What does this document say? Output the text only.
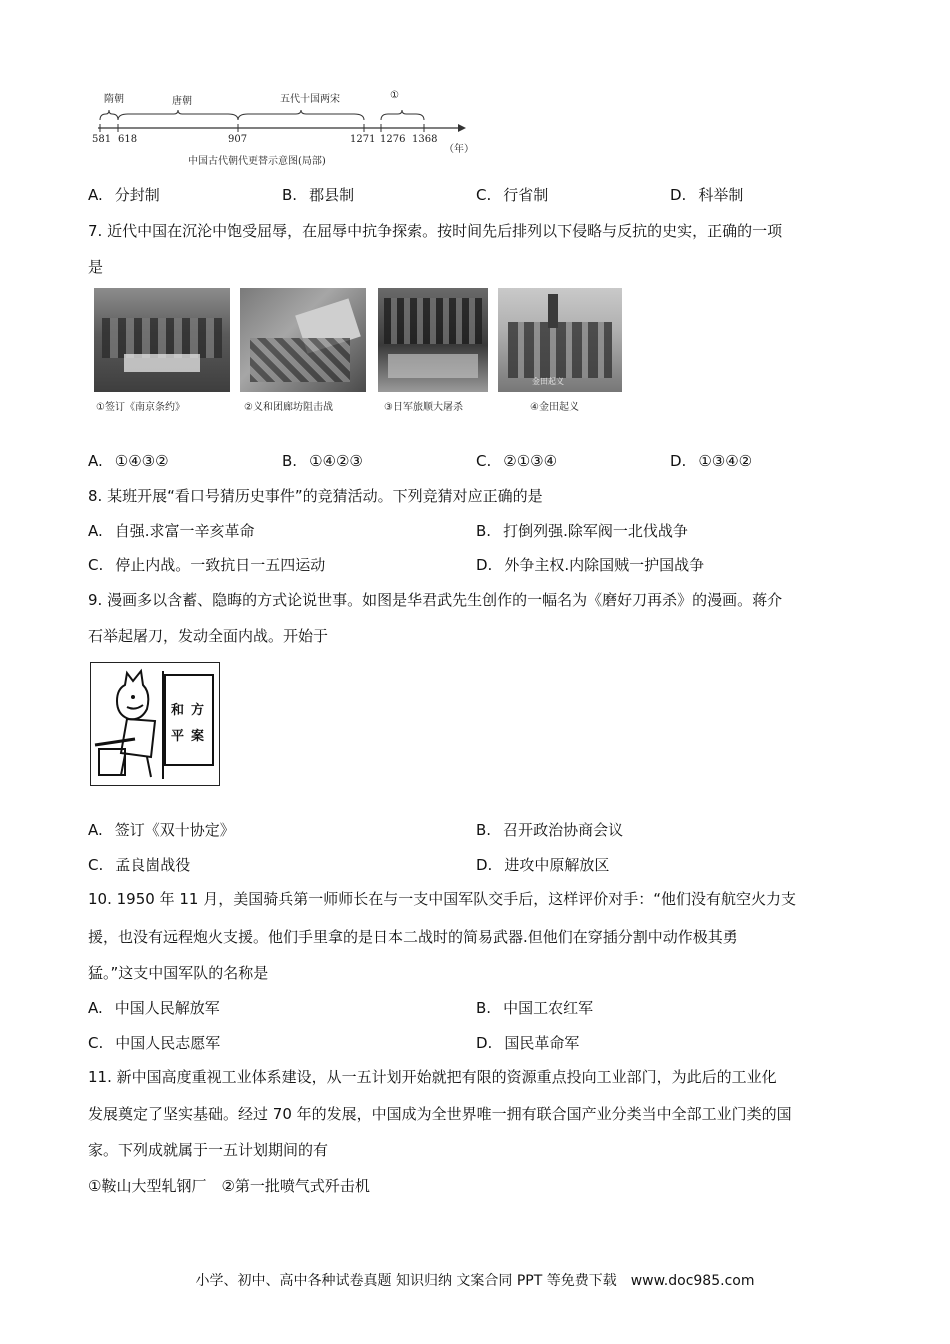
隋朝	唐朝	五代十国两宋	①
581 618	907	1271 1276 1368
（年）
中国古代朝代更替示意图(局部)
A. 分封制	B. 郡县制	C. 行省制	D. 科举制
7. 近代中国在沉沦中饱受屈辱，在屈辱中抗争探索。按时间先后排列以下侵略与反抗的史实，正确的一项
是
金田起义
①签订《南京条约》	②义和团廊坊阻击战	③日军旅顺大屠杀	④金田起义
A. ①④③②	B. ①④②③	C. ②①③④	D. ①③④②
8. 某班开展“看口号猜历史事件”的竞猜活动。下列竞猜对应正确的是
A. 自强.求富一辛亥革命	B. 打倒列强.除军阀一北伐战争
C. 停止内战。一致抗日一五四运动	D. 外争主权.内除国贼一护国战争
9. 漫画多以含蓄、隐晦的方式论说世事。如图是华君武先生创作的一幅名为《磨好刀再杀》的漫画。蒋介
石举起屠刀，发动全面内战。开始于
和 方
平 案
A. 签订《双十协定》	B. 召开政治协商会议
C. 孟良崮战役	D. 进攻中原解放区
10. 1950 年 11 月，美国骑兵第一师师长在与一支中国军队交手后，这样评价对手：“他们没有航空火力支
援，也没有远程炮火支援。他们手里拿的是日本二战时的简易武器.但他们在穿插分割中动作极其勇
猛。”这支中国军队的名称是
A. 中国人民解放军	B. 中国工农红军
C. 中国人民志愿军	D. 国民革命军
11. 新中国高度重视工业体系建设，从一五计划开始就把有限的资源重点投向工业部门，为此后的工业化
发展奠定了坚实基础。经过 70 年的发展，中国成为全世界唯一拥有联合国产业分类当中全部工业门类的国
家。下列成就属于一五计划期间的有
①鞍山大型轧钢厂　②第一批喷气式歼击机
小学、初中、高中各种试卷真题 知识归纳 文案合同 PPT 等免费下载　www.doc985.com
